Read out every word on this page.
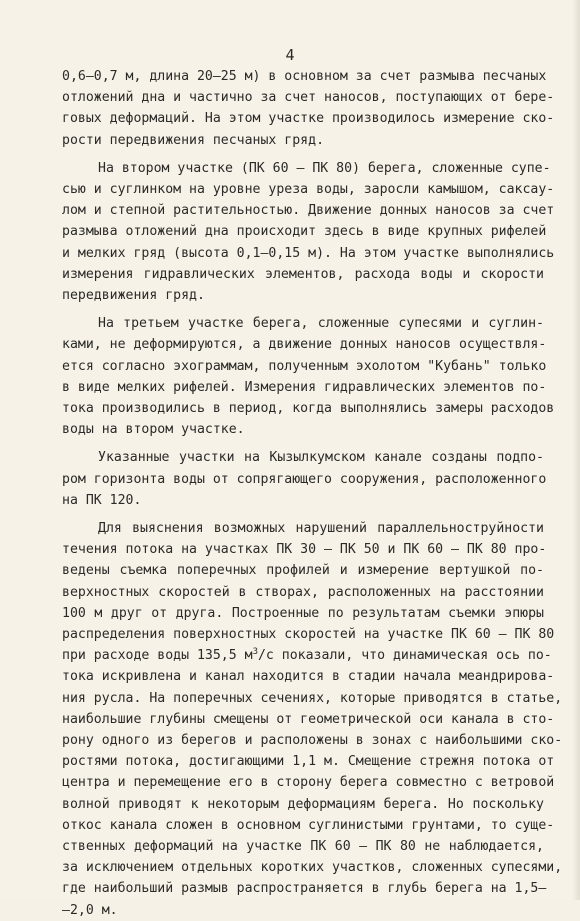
4
0,6–0,7 м, длина 20–25 м) в основном за счет размыва песчаных
отложений дна и частично за счет наносов, поступающих от бере-
говых деформаций. На этом участке производилось измерение ско-
рости передвижения песчаных гряд.
На втором участке (ПК 60 – ПК 80) берега, сложенные супе-
сью и суглинком на уровне уреза воды, заросли камышом, саксау-
лом и степной растительностью. Движение донных наносов за счет
размыва отложений дна происходит здесь в виде крупных рифелей
и мелких гряд (высота 0,1–0,15 м). На этом участке выполнялись
измерения гидравлических элементов, расхода воды и скорости
передвижения гряд.
На третьем участке берега, сложенные супесями и суглин-
ками, не деформируются, а движение донных наносов осуществля-
ется согласно эхограммам, полученным эхолотом "Кубань" только
в виде мелких рифелей. Измерения гидравлических элементов по-
тока производились в период, когда выполнялись замеры расходов
воды на втором участке.
Указанные участки на Кызылкумском канале созданы подпо-
ром горизонта воды от сопрягающего сооружения, расположенного
на ПК 120.
Для выяснения возможных нарушений параллельноструйности
течения потока на участках ПК 30 – ПК 50 и ПК 60 – ПК 80 про-
ведены съемка поперечных профилей и измерение вертушкой по-
верхностных скоростей в створах, расположенных на расстоянии
100 м друг от друга. Построенные по результатам съемки эпюры
распределения поверхностных скоростей на участке ПК 60 – ПК 80
при расходе воды 135,5 $м^3/с$ показали, что динамическая ось по-
тока искривлена и канал находится в стадии начала меандрирова-
ния русла. На поперечных сечениях, которые приводятся в статье,
наибольшие глубины смещены от геометрической оси канала в сто-
рону одного из берегов и расположены в зонах с наибольшими ско-
ростями потока, достигающими 1,1 м. Смещение стрежня потока от
центра и перемещение его в сторону берега совместно с ветровой
волной приводят к некоторым деформациям берега. Но поскольку
откос канала сложен в основном суглинистыми грунтами, то суще-
ственных деформаций на участке ПК 60 – ПК 80 не наблюдается,
за исключением отдельных коротких участков, сложенных супесями,
где наибольший размыв распространяется в глубь берега на 1,5–
–2,0 м.
